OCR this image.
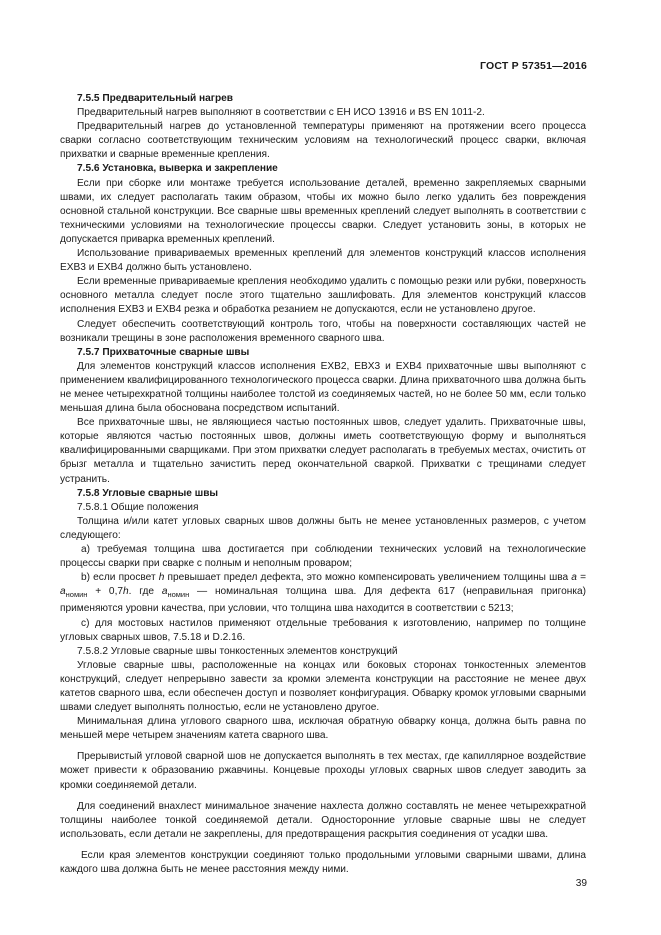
ГОСТ Р 57351—2016
7.5.5 Предварительный нагрев

Предварительный нагрев выполняют в соответствии с ЕН ИСО 13916 и BS EN 1011-2.

Предварительный нагрев до установленной температуры применяют на протяжении всего процесса сварки согласно соответствующим техническим условиям на технологический процесс сварки, включая прихватки и сварные временные крепления.

7.5.6 Установка, выверка и закрепление

Если при сборке или монтаже требуется использование деталей, временно закрепляемых сварными швами, их следует располагать таким образом, чтобы их можно было легко удалить без повреждения основной стальной конструкции. Все сварные швы временных креплений следует выполнять в соответствии с техническими условиями на технологические процессы сварки. Следует установить зоны, в которых не допускается приварка временных креплений.

Использование привариваемых временных креплений для элементов конструкций классов исполнения EXB3 и EXB4 должно быть установлено.

Если временные привариваемые крепления необходимо удалить с помощью резки или рубки, поверхность основного металла следует после этого тщательно зашлифовать. Для элементов конструкций классов исполнения EXB3 и EXB4 резка и обработка резанием не допускаются, если не установлено другое.

Следует обеспечить соответствующий контроль того, чтобы на поверхности составляющих частей не возникали трещины в зоне расположения временного сварного шва.

7.5.7 Прихваточные сварные швы

Для элементов конструкций классов исполнения EXB2, EBX3 и EXB4 прихваточные швы выполняют с применением квалифицированного технологического процесса сварки. Длина прихваточного шва должна быть не менее четырехкратной толщины наиболее толстой из соединяемых частей, но не более 50 мм, если только меньшая длина была обоснована посредством испытаний.

Все прихваточные швы, не являющиеся частью постоянных швов, следует удалить. Прихваточные швы, которые являются частью постоянных швов, должны иметь соответствующую форму и выполняться квалифицированными сварщиками. При этом прихватки следует располагать в требуемых местах, очистить от брызг металла и тщательно зачистить перед окончательной сваркой. Прихватки с трещинами следует устранить.

7.5.8 Угловые сварные швы
7.5.8.1 Общие положения

Толщина и/или катет угловых сварных швов должны быть не менее установленных размеров, с учетом следующего:

а) требуемая толщина шва достигается при соблюдении технических условий на технологические процессы сварки при сварке с полным и неполным проваром;

b) если просвет h превышает предел дефекта, это можно компенсировать увеличением толщины шва $a = a_{номин} + 0,7h$. где $a_{номин}$ — номинальная толщина шва. Для дефекта 617 (неправильная пригонка) применяются уровни качества, при условии, что толщина шва находится в соответствии с 5213;

с) для мостовых настилов применяют отдельные требования к изготовлению, например по толщине угловых сварных швов, 7.5.18 и D.2.16.

7.5.8.2 Угловые сварные швы тонкостенных элементов конструкций

Угловые сварные швы, расположенные на концах или боковых сторонах тонкостенных элементов конструкций, следует непрерывно завести за кромки элемента конструкции на расстояние не менее двух катетов сварного шва, если обеспечен доступ и позволяет конфигурация. Обварку кромок угловыми сварными швами следует выполнять полностью, если не установлено другое.

Минимальная длина углового сварного шва, исключая обратную обварку конца, должна быть равна по меньшей мере четырем значениям катета сварного шва.

Прерывистый угловой сварной шов не допускается выполнять в тех местах, где капиллярное воздействие может привести к образованию ржавчины. Концевые проходы угловых сварных швов следует заводить за кромки соединяемой детали.

Для соединений внахлест минимальное значение нахлеста должно составлять не менее четырехкратной толщины наиболее тонкой соединяемой детали. Односторонние угловые сварные швы не следует использовать, если детали не закреплены, для предотвращения раскрытия соединения от усадки шва.

Если края элементов конструкции соединяют только продольными угловыми сварными швами, длина каждого шва должна быть не менее расстояния между ними.

39
